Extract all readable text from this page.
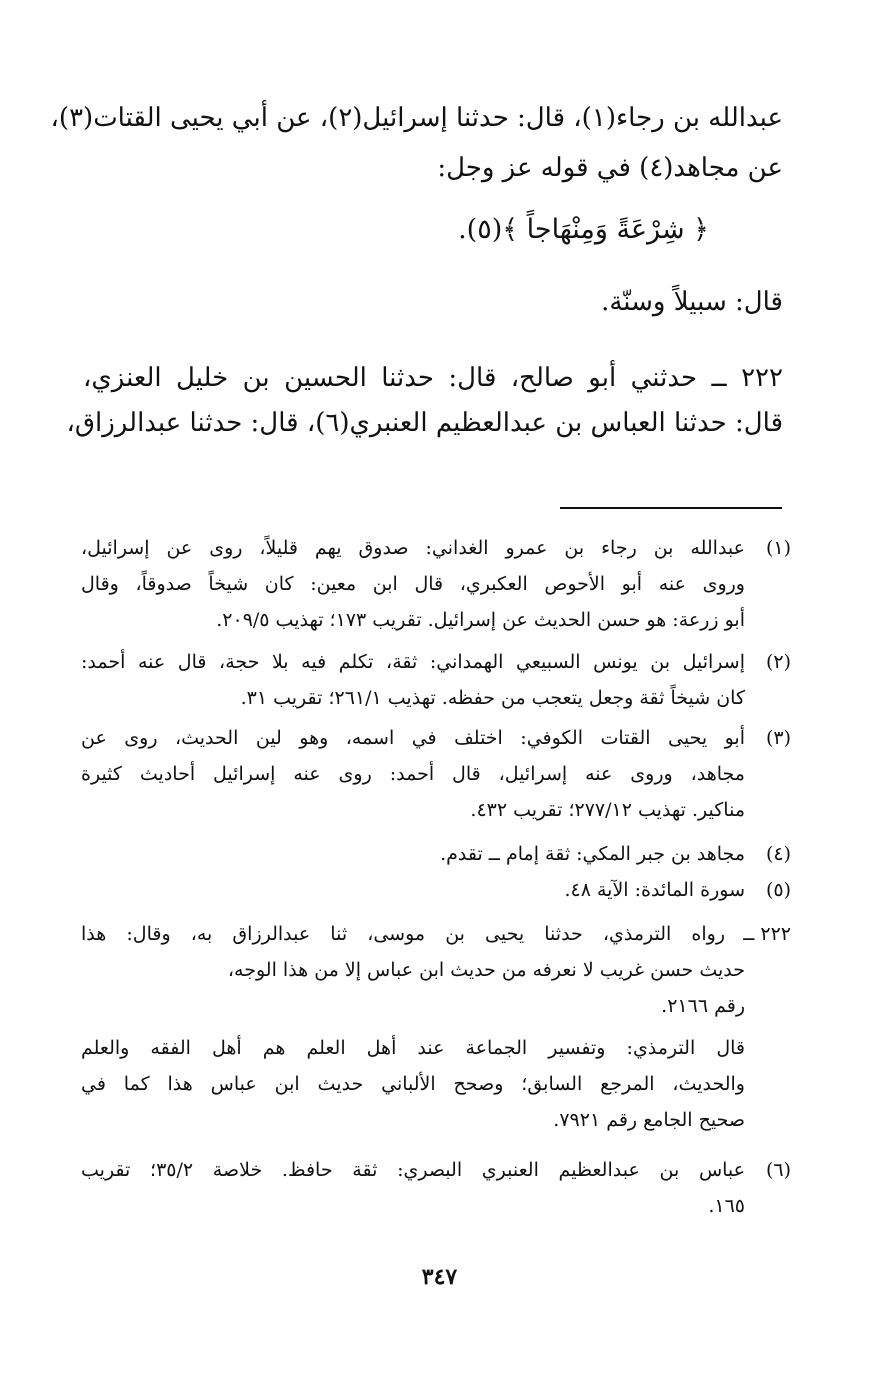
عبدالله بن رجاء(١)، قال: حدثنا إسرائيل(٢)، عن أبي يحيى القتات(٣)،
عن مجاهد(٤) في قوله عز وجل:
﴿ شِرْعَةً وَمِنْهَاجاً ﴾(٥).
قال: سبيلاً وسنّة.
٢٢٢ ــ حدثني أبو صالح، قال: حدثنا الحسين بن خليل العنزي،
قال: حدثنا العباس بن عبدالعظيم العنبري(٦)، قال: حدثنا عبدالرزاق،
(١)
عبدالله بن رجاء بن عمرو الغداني: صدوق يهم قليلاً، روى عن إسرائيل،
وروى عنه أبو الأحوص العكبري، قال ابن معين: كان شيخاً صدوقاً، وقال
أبو زرعة: هو حسن الحديث عن إسرائيل. تقريب ١٧٣؛ تهذيب ٢٠٩/٥.
(٢)
إسرائيل بن يونس السبيعي الهمداني: ثقة، تكلم فيه بلا حجة، قال عنه أحمد:
كان شيخاً ثقة وجعل يتعجب من حفظه. تهذيب ٢٦١/١؛ تقريب ٣١.
(٣)
أبو يحيى القتات الكوفي: اختلف في اسمه، وهو لين الحديث، روى عن
مجاهد، وروى عنه إسرائيل، قال أحمد: روى عنه إسرائيل أحاديث كثيرة
مناكير. تهذيب ٢٧٧/١٢؛ تقريب ٤٣٢.
(٤)
مجاهد بن جبر المكي: ثقة إمام ــ تقدم.
(٥)
سورة المائدة: الآية ٤٨.
٢٢٢ ــ
رواه الترمذي، حدثنا يحيى بن موسى، ثنا عبدالرزاق به، وقال: هذا
حديث حسن غريب لا نعرفه من حديث ابن عباس إلا من هذا الوجه،
رقم ٢١٦٦.
قال الترمذي: وتفسير الجماعة عند أهل العلم هم أهل الفقه والعلم
والحديث، المرجع السابق؛ وصحح الألباني حديث ابن عباس هذا كما في
صحيح الجامع رقم ٧٩٢١.
(٦)
عباس بن عبدالعظيم العنبري البصري: ثقة حافظ. خلاصة ٣٥/٢؛ تقريب
١٦٥.
٣٤٧
